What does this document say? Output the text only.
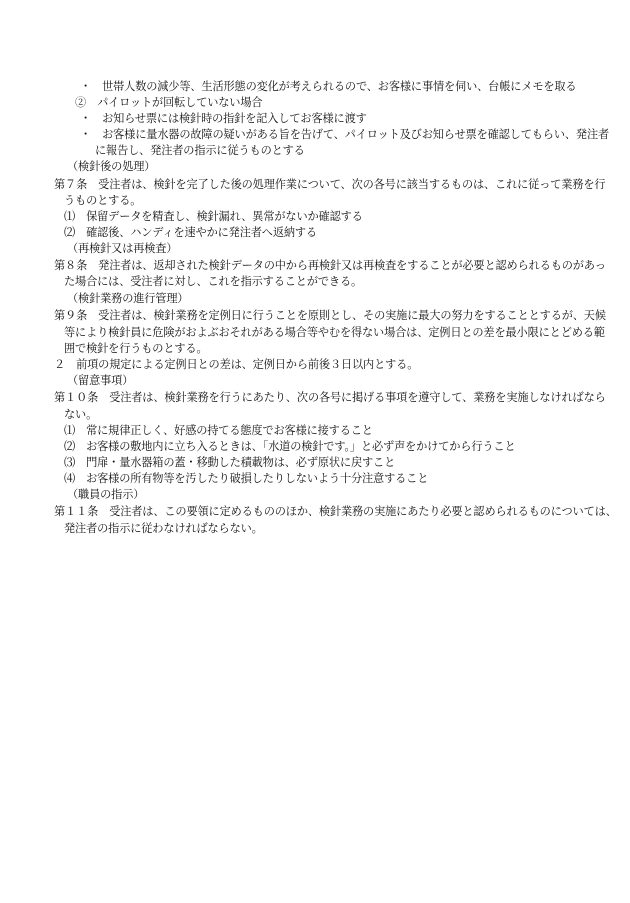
・　世帯人数の減少等、生活形態の変化が考えられるので、お客様に事情を伺い、台帳にメモを取る
②　パイロットが回転していない場合
・　お知らせ票には検針時の指針を記入してお客様に渡す
・　お客様に量水器の故障の疑いがある旨を告げて、パイロット及びお知らせ票を確認してもらい、発注者
に報告し、発注者の指示に従うものとする
（検針後の処理）
第７条　受注者は、検針を完了した後の処理作業について、次の各号に該当するものは、これに従って業務を行
うものとする。
⑴　保留データを精査し、検針漏れ、異常がないか確認する
⑵　確認後、ハンディを速やかに発注者へ返納する
（再検針又は再検査）
第８条　発注者は、返却された検針データの中から再検針又は再検査をすることが必要と認められるものがあっ
た場合には、受注者に対し、これを指示することができる。
（検針業務の進行管理）
第９条　受注者は、検針業務を定例日に行うことを原則とし、その実施に最大の努力をすることとするが、天候
等により検針員に危険がおよぶおそれがある場合等やむを得ない場合は、定例日との差を最小限にとどめる範
囲で検針を行うものとする。
２　前項の規定による定例日との差は、定例日から前後３日以内とする。
（留意事項）
第１０条　受注者は、検針業務を行うにあたり、次の各号に掲げる事項を遵守して、業務を実施しなければなら
ない。
⑴　常に規律正しく、好感の持てる態度でお客様に接すること
⑵　お客様の敷地内に立ち入るときは、「水道の検針です。」と必ず声をかけてから行うこと
⑶　門扉・量水器箱の蓋・移動した積載物は、必ず原状に戻すこと
⑷　お客様の所有物等を汚したり破損したりしないよう十分注意すること
（職員の指示）
第１１条　受注者は、この要領に定めるもののほか、検針業務の実施にあたり必要と認められるものについては、
発注者の指示に従わなければならない。
